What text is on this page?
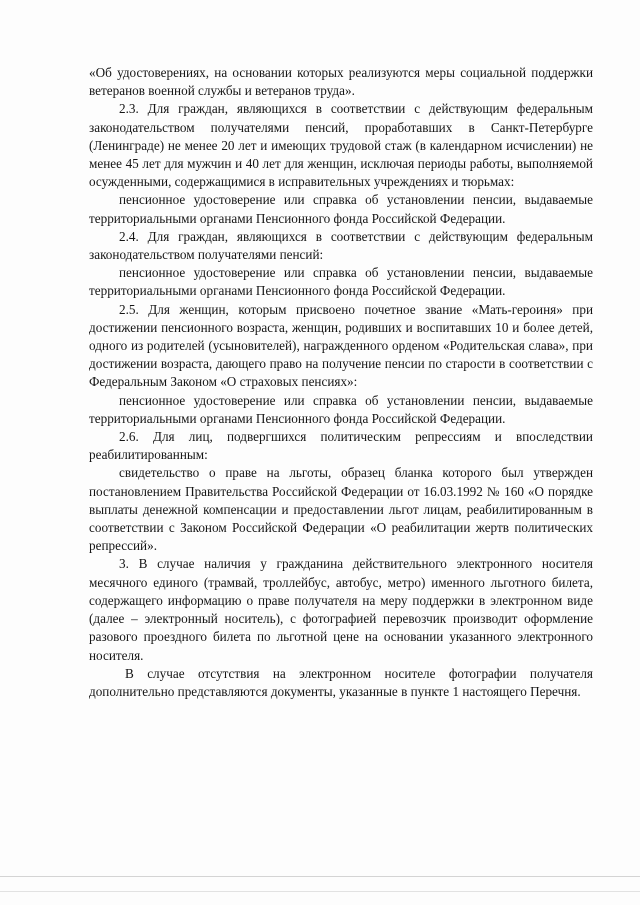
«Об удостоверениях, на основании которых реализуются меры социальной поддержки ветеранов военной службы и ветеранов труда».

2.3. Для граждан, являющихся в соответствии с действующим федеральным законодательством получателями пенсий, проработавших в Санкт-Петербурге (Ленинграде) не менее 20 лет и имеющих трудовой стаж (в календарном исчислении) не менее 45 лет для мужчин и 40 лет для женщин, исключая периоды работы, выполняемой осужденными, содержащимися в исправительных учреждениях и тюрьмах:

пенсионное удостоверение или справка об установлении пенсии, выдаваемые территориальными органами Пенсионного фонда Российской Федерации.

2.4. Для граждан, являющихся в соответствии с действующим федеральным законодательством получателями пенсий:

пенсионное удостоверение или справка об установлении пенсии, выдаваемые территориальными органами Пенсионного фонда Российской Федерации.

2.5. Для женщин, которым присвоено почетное звание «Мать-героиня» при достижении пенсионного возраста, женщин, родивших и воспитавших 10 и более детей, одного из родителей (усыновителей), награжденного орденом «Родительская слава», при достижении возраста, дающего право на получение пенсии по старости в соответствии с Федеральным Законом «О страховых пенсиях»:

пенсионное удостоверение или справка об установлении пенсии, выдаваемые территориальными органами Пенсионного фонда Российской Федерации.

2.6. Для лиц, подвергшихся политическим репрессиям и впоследствии реабилитированным:

свидетельство о праве на льготы, образец бланка которого был утвержден постановлением Правительства Российской Федерации от 16.03.1992 № 160 «О порядке выплаты денежной компенсации и предоставлении льгот лицам, реабилитированным в соответствии с Законом Российской Федерации «О реабилитации жертв политических репрессий».

3. В случае наличия у гражданина действительного электронного носителя месячного единого (трамвай, троллейбус, автобус, метро) именного льготного билета, содержащего информацию о праве получателя на меру поддержки в электронном виде (далее – электронный носитель), с фотографией перевозчик производит оформление разового проездного билета по льготной цене на основании указанного электронного носителя.

В случае отсутствия на электронном носителе фотографии получателя дополнительно представляются документы, указанные в пункте 1 настоящего Перечня.
